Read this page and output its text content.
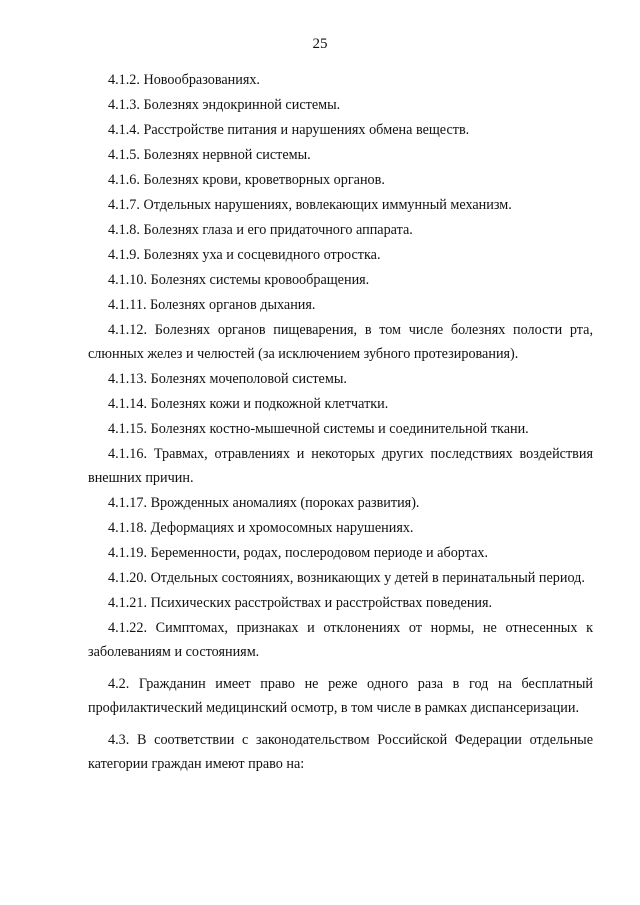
25

4.1.2. Новообразованиях.

4.1.3. Болезнях эндокринной системы.

4.1.4. Расстройстве питания и нарушениях обмена веществ.

4.1.5. Болезнях нервной системы.

4.1.6. Болезнях крови, кроветворных органов.

4.1.7. Отдельных нарушениях, вовлекающих иммунный механизм.

4.1.8. Болезнях глаза и его придаточного аппарата.

4.1.9. Болезнях уха и сосцевидного отростка.

4.1.10. Болезнях системы кровообращения.

4.1.11. Болезнях органов дыхания.

4.1.12. Болезнях органов пищеварения, в том числе болезнях полости рта, слюнных желез и челюстей (за исключением зубного протезирования).

4.1.13. Болезнях мочеполовой системы.

4.1.14. Болезнях кожи и подкожной клетчатки.

4.1.15. Болезнях костно-мышечной системы и соединительной ткани.

4.1.16. Травмах, отравлениях и некоторых других последствиях воздействия внешних причин.

4.1.17. Врожденных аномалиях (пороках развития).

4.1.18. Деформациях и хромосомных нарушениях.

4.1.19. Беременности, родах, послеродовом периоде и абортах.

4.1.20. Отдельных состояниях, возникающих у детей в перинатальный период.

4.1.21. Психических расстройствах и расстройствах поведения.

4.1.22. Симптомах, признаках и отклонениях от нормы, не отнесенных к заболеваниям и состояниям.

4.2. Гражданин имеет право не реже одного раза в год на бесплатный профилактический медицинский осмотр, в том числе в рамках диспансеризации.

4.3. В соответствии с законодательством Российской Федерации отдельные категории граждан имеют право на:
